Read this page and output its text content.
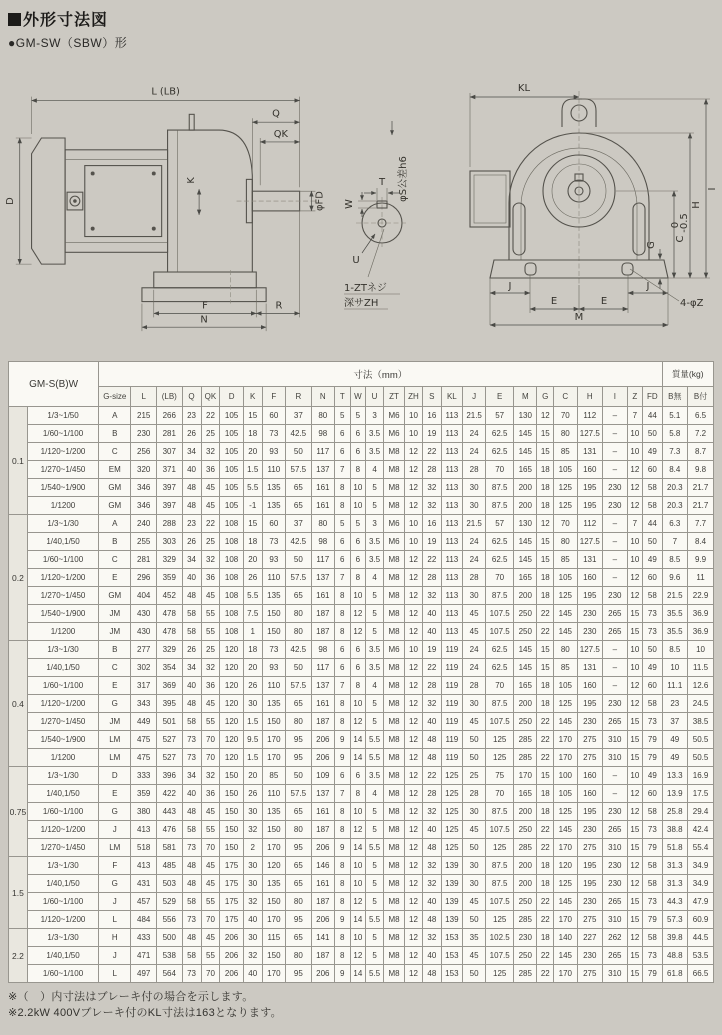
外形寸法図
●GM-SW（SBW）形
L (LB)
Q
QK
D
K
φFD
F	R
N
φS公差h6
T
W
U
1-ZTネジ
深サZH
KL
I
H
C
0
-0.5
G
J	J
E	E
M
4-φZ
GM-S(B)W		寸法（mm）																										質量(kg)	
		G-size	L	(LB)	Q	QK	D	K	F	R	N	T	W	U	ZT	ZH	S	KL	J	E	M	G	C	H	I	Z	FD	B無	B付
0.1	1/3~1/50	A	215	266	23	22	105	15	60	37	80	5	5	3	M6	10	16	113	21.5	57	130	12	70	112	–	7	44	5.1	6.5
	1/60~1/100	B	230	281	26	25	105	18	73	42.5	98	6	6	3.5	M6	10	19	113	24	62.5	145	15	80	127.5	–	10	50	5.8	7.2
	1/120~1/200	C	256	307	34	32	105	20	93	50	117	6	6	3.5	M8	12	22	113	24	62.5	145	15	85	131	–	10	49	7.3	8.7
	1/270~1/450	EM	320	371	40	36	105	1.5	110	57.5	137	7	8	4	M8	12	28	113	28	70	165	18	105	160	–	12	60	8.4	9.8
	1/540~1/900	GM	346	397	48	45	105	5.5	135	65	161	8	10	5	M8	12	32	113	30	87.5	200	18	125	195	230	12	58	20.3	21.7
	1/1200	GM	346	397	48	45	105	-1	135	65	161	8	10	5	M8	12	32	113	30	87.5	200	18	125	195	230	12	58	20.3	21.7
0.2	1/3~1/30	A	240	288	23	22	108	15	60	37	80	5	5	3	M6	10	16	113	21.5	57	130	12	70	112	–	7	44	6.3	7.7
	1/40,1/50	B	255	303	26	25	108	18	73	42.5	98	6	6	3.5	M6	10	19	113	24	62.5	145	15	80	127.5	–	10	50	7	8.4
	1/60~1/100	C	281	329	34	32	108	20	93	50	117	6	6	3.5	M8	12	22	113	24	62.5	145	15	85	131	–	10	49	8.5	9.9
	1/120~1/200	E	296	359	40	36	108	26	110	57.5	137	7	8	4	M8	12	28	113	28	70	165	18	105	160	–	12	60	9.6	11
	1/270~1/450	GM	404	452	48	45	108	5.5	135	65	161	8	10	5	M8	12	32	113	30	87.5	200	18	125	195	230	12	58	21.5	22.9
	1/540~1/900	JM	430	478	58	55	108	7.5	150	80	187	8	12	5	M8	12	40	113	45	107.5	250	22	145	230	265	15	73	35.5	36.9
	1/1200	JM	430	478	58	55	108	1	150	80	187	8	12	5	M8	12	40	113	45	107.5	250	22	145	230	265	15	73	35.5	36.9
0.4	1/3~1/30	B	277	329	26	25	120	18	73	42.5	98	6	6	3.5	M6	10	19	119	24	62.5	145	15	80	127.5	–	10	50	8.5	10
	1/40,1/50	C	302	354	34	32	120	20	93	50	117	6	6	3.5	M8	12	22	119	24	62.5	145	15	85	131	–	10	49	10	11.5
	1/60~1/100	E	317	369	40	36	120	26	110	57.5	137	7	8	4	M8	12	28	119	28	70	165	18	105	160	–	12	60	11.1	12.6
	1/120~1/200	G	343	395	48	45	120	30	135	65	161	8	10	5	M8	12	32	119	30	87.5	200	18	125	195	230	12	58	23	24.5
	1/270~1/450	JM	449	501	58	55	120	1.5	150	80	187	8	12	5	M8	12	40	119	45	107.5	250	22	145	230	265	15	73	37	38.5
	1/540~1/900	LM	475	527	73	70	120	9.5	170	95	206	9	14	5.5	M8	12	48	119	50	125	285	22	170	275	310	15	79	49	50.5
	1/1200	LM	475	527	73	70	120	1.5	170	95	206	9	14	5.5	M8	12	48	119	50	125	285	22	170	275	310	15	79	49	50.5
0.75	1/3~1/30	D	333	396	34	32	150	20	85	50	109	6	6	3.5	M8	12	22	125	25	75	170	15	100	160	–	10	49	13.3	16.9
	1/40,1/50	E	359	422	40	36	150	26	110	57.5	137	7	8	4	M8	12	28	125	28	70	165	18	105	160	–	12	60	13.9	17.5
	1/60~1/100	G	380	443	48	45	150	30	135	65	161	8	10	5	M8	12	32	125	30	87.5	200	18	125	195	230	12	58	25.8	29.4
	1/120~1/200	J	413	476	58	55	150	32	150	80	187	8	12	5	M8	12	40	125	45	107.5	250	22	145	230	265	15	73	38.8	42.4
	1/270~1/450	LM	518	581	73	70	150	2	170	95	206	9	14	5.5	M8	12	48	125	50	125	285	22	170	275	310	15	79	51.8	55.4
1.5	1/3~1/30	F	413	485	48	45	175	30	120	65	146	8	10	5	M8	12	32	139	30	87.5	200	18	120	195	230	12	58	31.3	34.9
	1/40,1/50	G	431	503	48	45	175	30	135	65	161	8	10	5	M8	12	32	139	30	87.5	200	18	125	195	230	12	58	31.3	34.9
	1/60~1/100	J	457	529	58	55	175	32	150	80	187	8	12	5	M8	12	40	139	45	107.5	250	22	145	230	265	15	73	44.3	47.9
	1/120~1/200	L	484	556	73	70	175	40	170	95	206	9	14	5.5	M8	12	48	139	50	125	285	22	170	275	310	15	79	57.3	60.9
2.2	1/3~1/30	H	433	500	48	45	206	30	115	65	141	8	10	5	M8	12	32	153	35	102.5	230	18	140	227	262	12	58	39.8	44.5
	1/40,1/50	J	471	538	58	55	206	32	150	80	187	8	12	5	M8	12	40	153	45	107.5	250	22	145	230	265	15	73	48.8	53.5
	1/60~1/100	L	497	564	73	70	206	40	170	95	206	9	14	5.5	M8	12	48	153	50	125	285	22	170	275	310	15	79	61.8	66.5
※（　）内寸法はブレーキ付の場合を示します。
※2.2kW 400Vブレーキ付のKL寸法は163となります。
